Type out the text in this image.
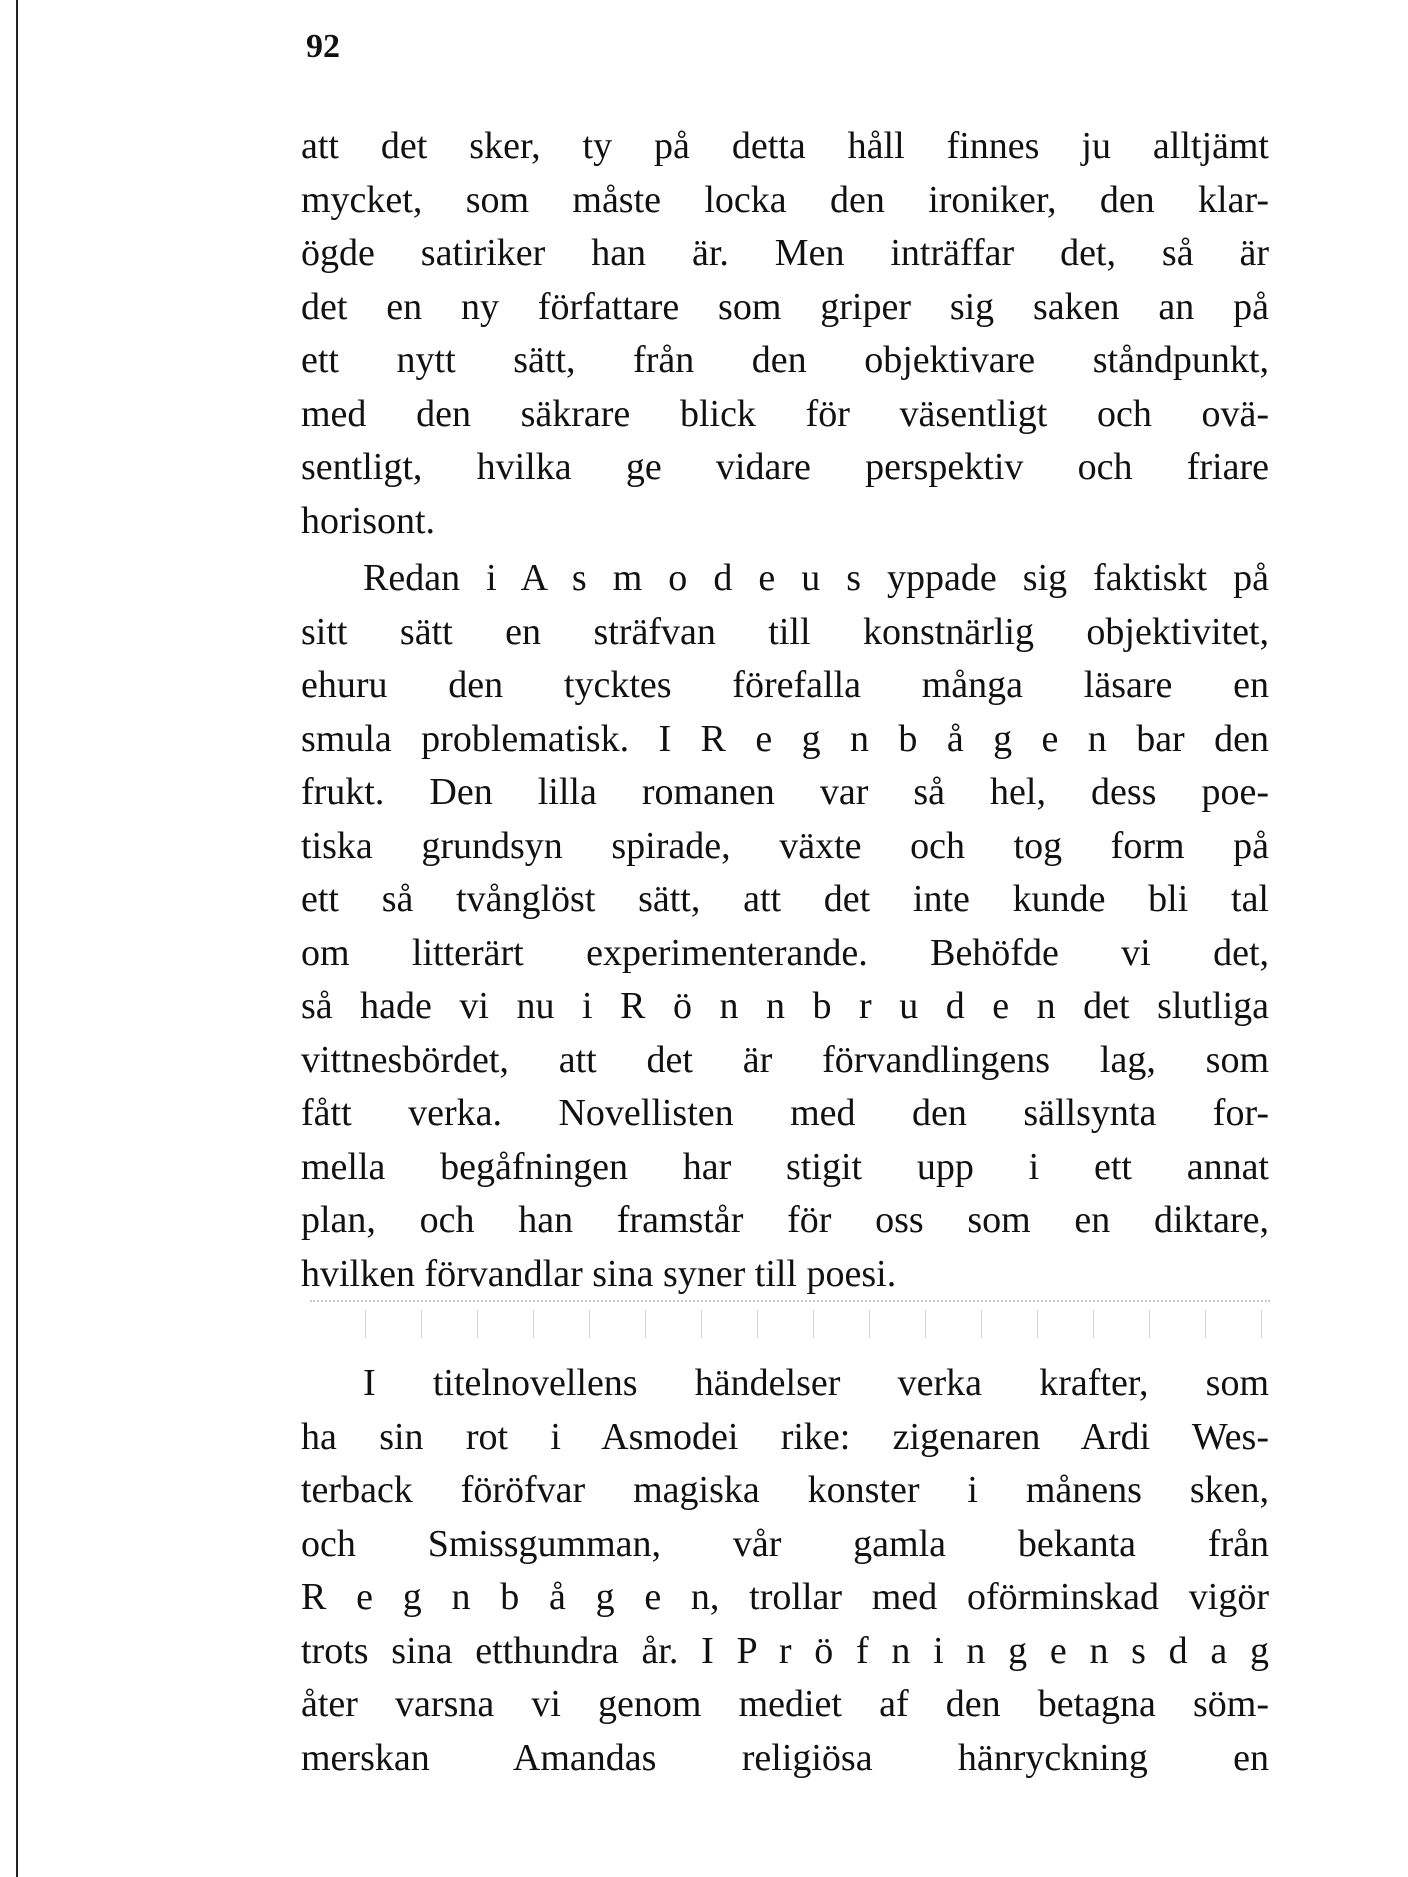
92
att det sker, ty på detta håll finnes ju alltjämt
mycket, som måste locka den ironiker, den klar-
ögde satiriker han är. Men inträffar det, så är
det en ny författare som griper sig saken an på
ett nytt sätt, från den objektivare ståndpunkt,
med den säkrare blick för väsentligt och ovä-
sentligt, hvilka ge vidare perspektiv och friare
horisont.
Redan i A s m o d e u s yppade sig faktiskt på
sitt sätt en sträfvan till konstnärlig objektivitet,
ehuru den tycktes förefalla många läsare en
smula problematisk. I R e g n b å g e n bar den
frukt. Den lilla romanen var så hel, dess poe-
tiska grundsyn spirade, växte och tog form på
ett så tvånglöst sätt, att det inte kunde bli tal
om litterärt experimenterande. Behöfde vi det,
så hade vi nu i R ö n n b r u d e n det slutliga
vittnesbördet, att det är förvandlingens lag, som
fått verka. Novellisten med den sällsynta for-
mella begåfningen har stigit upp i ett annat
plan, och han framstår för oss som en diktare,
hvilken förvandlar sina syner till poesi.
I titelnovellens händelser verka krafter, som
ha sin rot i Asmodei rike: zigenaren Ardi Wes-
terback föröfvar magiska konster i månens sken,
och Smissgumman, vår gamla bekanta från
R e g n b å g e n, trollar med oförminskad vigör
trots sina etthundra år. I P r ö f n i n g e n s d a g
åter varsna vi genom mediet af den betagna söm-
merskan Amandas religiösa hänryckning en
